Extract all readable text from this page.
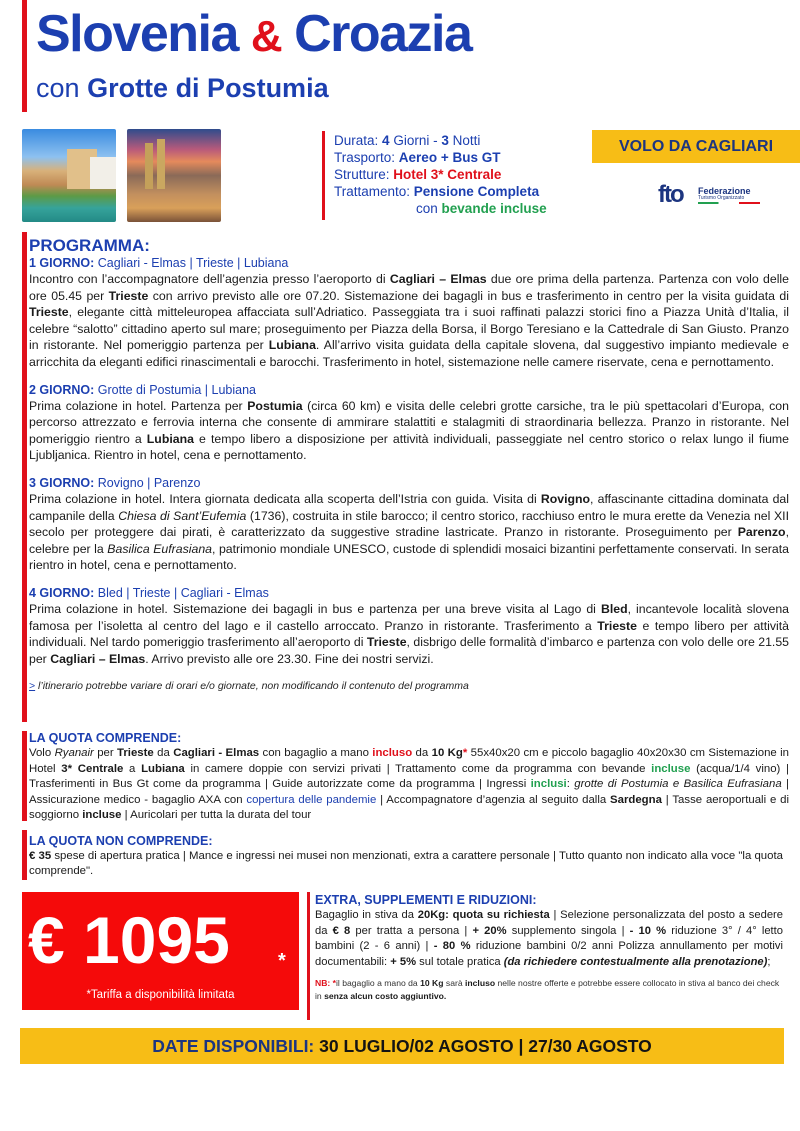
Slovenia & Croazia
con Grotte di Postumia
Durata: 4 Giorni - 3 Notti
Trasporto: Aereo + Bus GT
Strutture: Hotel 3* Centrale
Trattamento: Pensione Completa
con bevande incluse
VOLO DA CAGLIARI
fto Federazione
Turismo Organizzato
PROGRAMMA:
1 GIORNO: Cagliari - Elmas | Trieste | Lubiana
Incontro con l’accompagnatore dell’agenzia presso l’aeroporto di Cagliari – Elmas due ore prima della partenza. Partenza con volo delle ore 05.45 per Trieste con arrivo previsto alle ore 07.20. Sistemazione dei bagagli in bus e trasferimento in centro per la visita guidata di Trieste, elegante città mitteleuropea affacciata sull’Adriatico. Passeggiata tra i suoi raffinati palazzi storici fino a Piazza Unità d’Italia, il celebre “salotto” cittadino aperto sul mare; proseguimento per Piazza della Borsa, il Borgo Teresiano e la Cattedrale di San Giusto. Pranzo in ristorante. Nel pomeriggio partenza per Lubiana. All’arrivo visita guidata della capitale slovena, dal suggestivo impianto medievale e arricchita da eleganti edifici rinascimentali e barocchi. Trasferimento in hotel, sistemazione nelle camere riservate, cena e pernottamento.
2 GIORNO: Grotte di Postumia | Lubiana
Prima colazione in hotel. Partenza per Postumia (circa 60 km) e visita delle celebri grotte carsiche, tra le più spettacolari d’Europa, con percorso attrezzato e ferrovia interna che consente di ammirare stalattiti e stalagmiti di straordinaria bellezza. Pranzo in ristorante. Nel pomeriggio rientro a Lubiana e tempo libero a disposizione per attività individuali, passeggiate nel centro storico o relax lungo il fiume Ljubljanica. Rientro in hotel, cena e pernottamento.
3 GIORNO: Rovigno | Parenzo
Prima colazione in hotel. Intera giornata dedicata alla scoperta dell’Istria con guida. Visita di Rovigno, affascinante cittadina dominata dal campanile della Chiesa di Sant’Eufemia (1736), costruita in stile barocco; il centro storico, racchiuso entro le mura erette da Venezia nel XII secolo per proteggere dai pirati, è caratterizzato da suggestive stradine lastricate. Pranzo in ristorante. Proseguimento per Parenzo, celebre per la Basilica Eufrasiana, patrimonio mondiale UNESCO, custode di splendidi mosaici bizantini perfettamente conservati. In serata rientro in hotel, cena e pernottamento.
4 GIORNO: Bled | Trieste | Cagliari - Elmas
Prima colazione in hotel. Sistemazione dei bagagli in bus e partenza per una breve visita al Lago di Bled, incantevole località slovena famosa per l’isoletta al centro del lago e il castello arroccato. Pranzo in ristorante. Trasferimento a Trieste e tempo libero per attività individuali. Nel tardo pomeriggio trasferimento all’aeroporto di Trieste, disbrigo delle formalità d’imbarco e partenza con volo delle ore 21.55 per Cagliari – Elmas. Arrivo previsto alle ore 23.30. Fine dei nostri servizi.
> l’itinerario potrebbe variare di orari e/o giornate, non modificando il contenuto del programma
LA QUOTA COMPRENDE:
Volo Ryanair per Trieste da Cagliari - Elmas con bagaglio a mano incluso da 10 Kg* 55x40x20 cm e piccolo bagaglio 40x20x30 cm Sistemazione in Hotel 3* Centrale a Lubiana in camere doppie con servizi privati | Trattamento come da programma con bevande incluse (acqua/1/4 vino) | Trasferimenti in Bus Gt come da programma | Guide autorizzate come da programma | Ingressi inclusi: grotte di Postumia e Basilica Eufrasiana | Assicurazione medico - bagaglio AXA con copertura delle pandemie | Accompagnatore d’agenzia al seguito dalla Sardegna | Tasse aeroportuali e di soggiorno incluse | Auricolari per tutta la durata del tour
LA QUOTA NON COMPRENDE:
€ 35 spese di apertura pratica | Mance e ingressi nei musei non menzionati, extra a carattere personale | Tutto quanto non indicato alla voce "la quota comprende".
€ 1095 *
*Tariffa a disponibilità limitata
EXTRA, SUPPLEMENTI E RIDUZIONI:
Bagaglio in stiva da 20Kg: quota su richiesta | Selezione personalizzata del posto a sedere da € 8 per tratta a persona | + 20% supplemento singola | - 10 % riduzione 3° / 4° letto bambini (2 - 6 anni) | - 80 % riduzione bambini 0/2 anni Polizza annullamento per motivi documentabili: + 5% sul totale pratica (da richiedere contestualmente alla prenotazione);
NB: *il bagaglio a mano da 10 Kg sarà incluso nelle nostre offerte e potrebbe essere collocato in stiva al banco dei check in senza alcun costo aggiuntivo.
DATE DISPONIBILI: 30 LUGLIO/02 AGOSTO | 27/30 AGOSTO
